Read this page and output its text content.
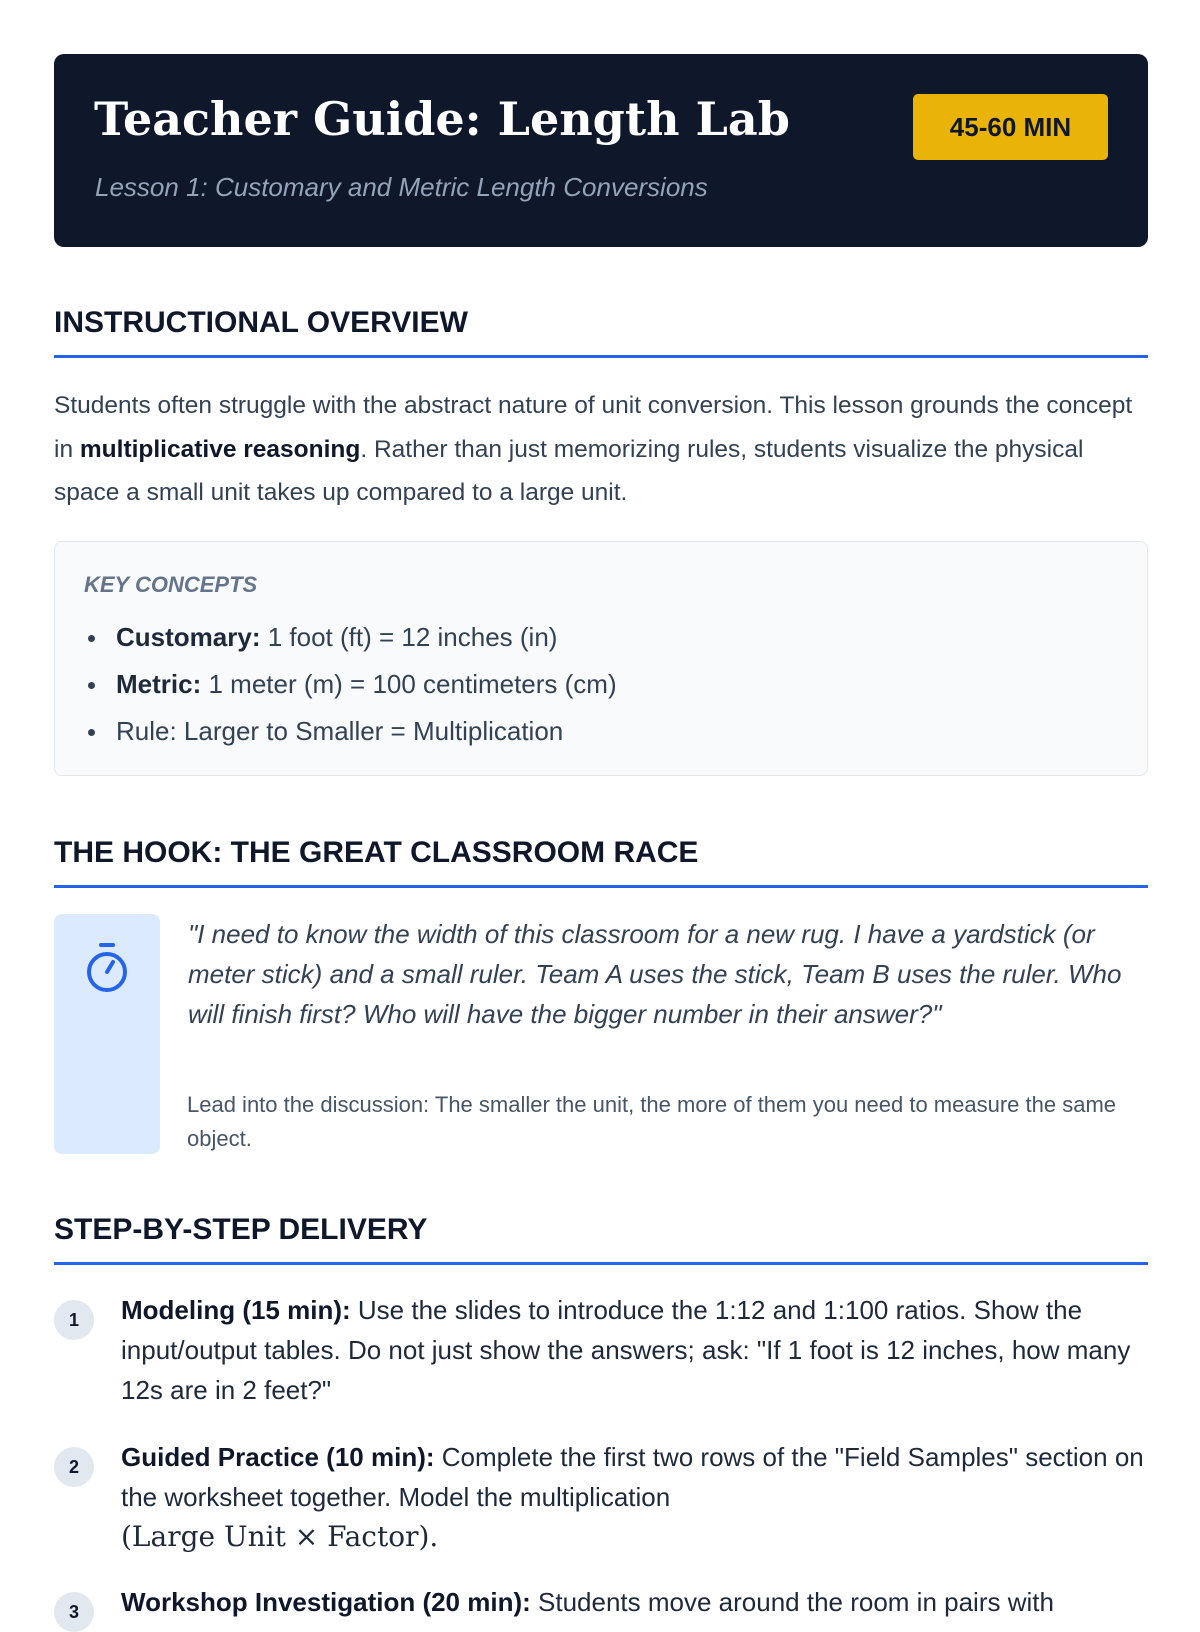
Teacher Guide: Length Lab
Lesson 1: Customary and Metric Length Conversions
45-60 MIN
INSTRUCTIONAL OVERVIEW

Students often struggle with the abstract nature of unit conversion. This lesson grounds the concept in multiplicative reasoning. Rather than just memorizing rules, students visualize the physical space a small unit takes up compared to a large unit.

KEY CONCEPTS
Customary: 1 foot (ft) = 12 inches (in)
Metric: 1 meter (m) = 100 centimeters (cm)
Rule: Larger to Smaller = Multiplication
THE HOOK: THE GREAT CLASSROOM RACE

"I need to know the width of this classroom for a new rug. I have a yardstick (or meter stick) and a small ruler. Team A uses the stick, Team B uses the ruler. Who will finish first? Who will have the bigger number in their answer?"

Lead into the discussion: The smaller the unit, the more of them you need to measure the same object.

STEP-BY-STEP DELIVERY
1	Modeling (15 min): Use the slides to introduce the 1:12 and 1:100 ratios. Show the input/output tables. Do not just show the answers; ask: "If 1 foot is 12 inches, how many 12s are in 2 feet?"

2	Guided Practice (10 min): Complete the first two rows of the "Field Samples" section on the worksheet together. Model the multiplication
(Large Unit × Factor).

3	Workshop Investigation (20 min): Students move around the room in pairs with
